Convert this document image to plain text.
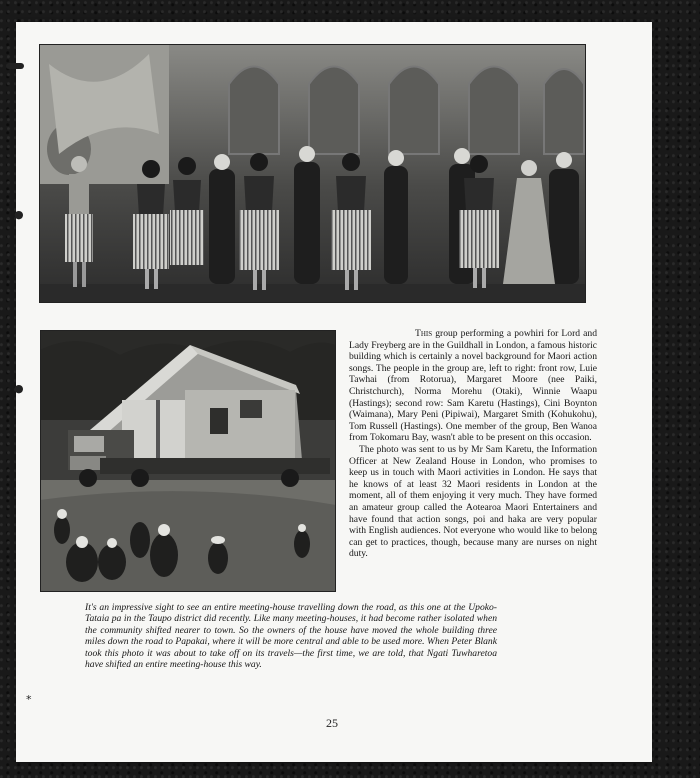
This group performing a powhiri for Lord and Lady Freyberg are in the Guildhall in London, a famous historic building which is certainly a novel background for Maori action songs. The people in the group are, left to right: front row, Luie Tawhai (from Rotorua), Margaret Moore (nee Paiki, Christchurch), Norma Morehu (Otaki), Winnie Waapu (Hastings); second row: Sam Karetu (Hastings), Cini Boynton (Waimana), Mary Peni (Pipiwai), Margaret Smith (Kohukohu), Tom Russell (Hastings). One member of the group, Ben Wanoa from Tokomaru Bay, wasn't able to be present on this occasion.

The photo was sent to us by Mr Sam Karetu, the Information Officer at New Zealand House in London, who promises to keep us in touch with Maori activities in London. He says that he knows of at least 32 Maori residents in London at the moment, all of them enjoying it very much. They have formed an amateur group called the Aotearoa Maori Entertainers and have found that action songs, poi and haka are very popular with English audiences. Not everyone who would like to belong can get to practices, though, because many are nurses on night duty.

It's an impressive sight to see an entire meeting-house travelling down the road, as this one at the Upoko-Tataia pa in the Taupo district did recently. Like many meeting-houses, it had become rather isolated when the community shifted nearer to town. So the owners of the house have moved the whole building three miles down the road to Papakai, where it will be more central and able to be used more. When Peter Blank took this photo it was about to take off on its travels—the first time, we are told, that Ngati Tuwharetoa have shifted an entire meeting-house this way.

25
●
●
*
